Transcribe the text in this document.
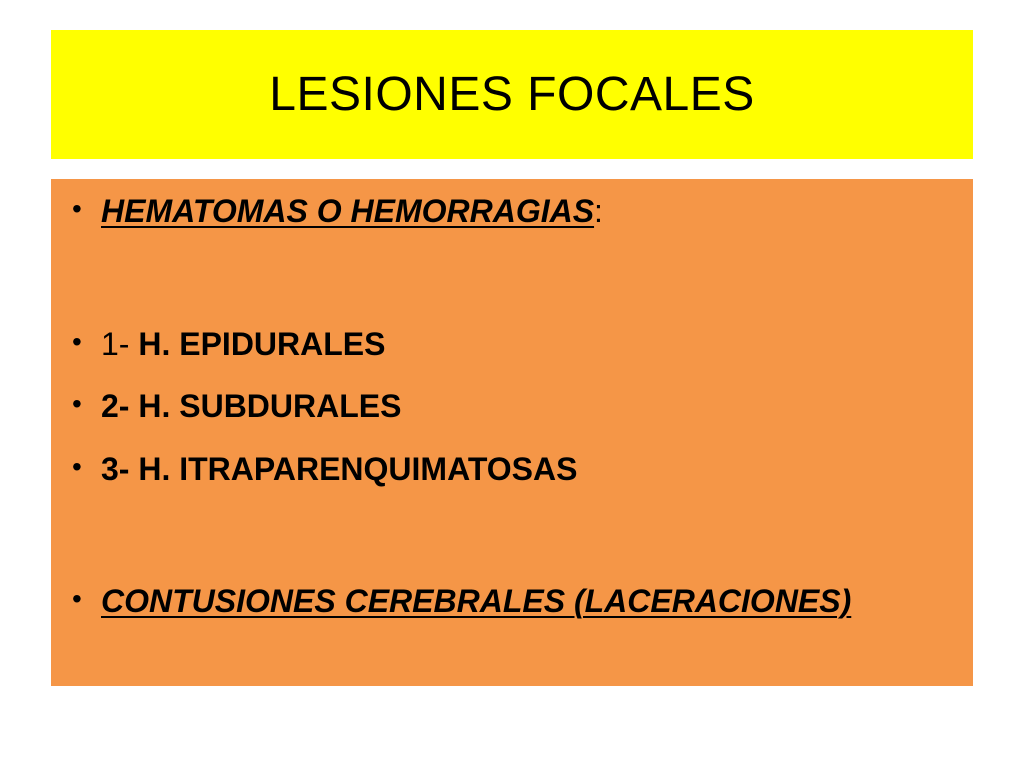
LESIONES FOCALES
• HEMATOMAS O HEMORRAGIAS:
• 1- H. EPIDURALES
• 2- H. SUBDURALES
• 3- H. ITRAPARENQUIMATOSAS
• CONTUSIONES CEREBRALES (LACERACIONES)
